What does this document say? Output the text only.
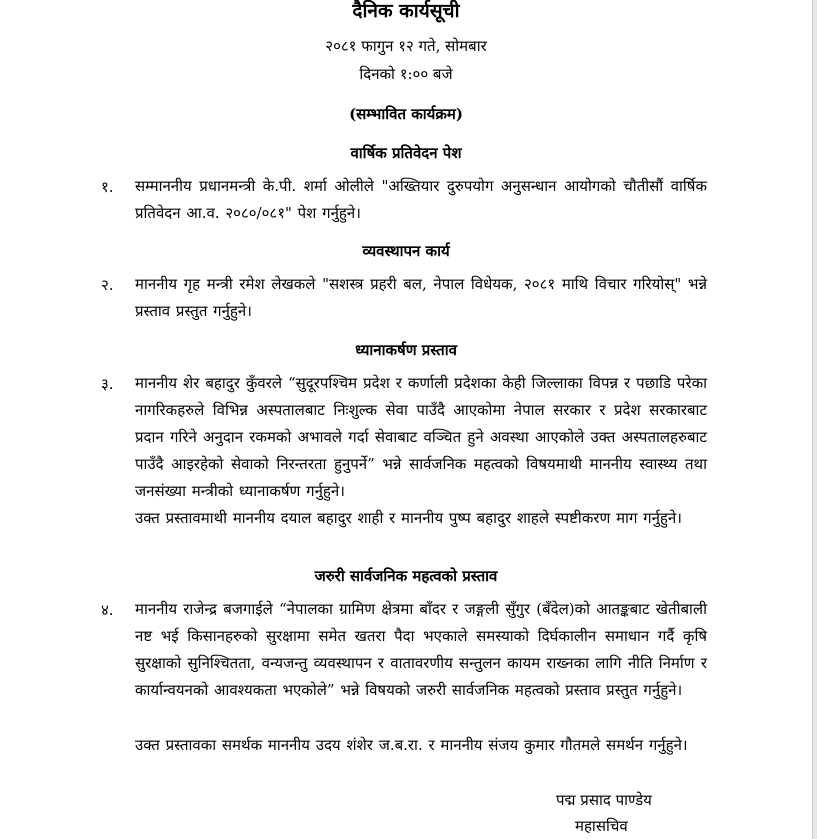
दैनिक कार्यसूची
२०८१ फागुन १२ गते, सोमबार
दिनको १:०० बजे
(सम्भावित कार्यक्रम)
वार्षिक प्रतिवेदन पेश
१. सम्माननीय प्रधानमन्त्री के.पी. शर्मा ओलीले "अख्तियार दुरुपयोग अनुसन्धान आयोगको चौतीसौं वार्षिक प्रतिवेदन आ.व. २०८०/०८१" पेश गर्नुहुने।
व्यवस्थापन कार्य
२. माननीय गृह मन्त्री रमेश लेखकले "सशस्त्र प्रहरी बल, नेपाल विधेयक, २०८१ माथि विचार गरियोस्" भन्ने प्रस्ताव प्रस्तुत गर्नुहुने।
ध्यानाकर्षण प्रस्ताव
३. माननीय शेर बहादुर कुँवरले “सुदूरपश्चिम प्रदेश र कर्णाली प्रदेशका केही जिल्लाका विपन्न र पछाडि परेका नागरिकहरुले विभिन्न अस्पतालबाट निःशुल्क सेवा पाउँदै आएकोमा नेपाल सरकार र प्रदेश सरकारबाट प्रदान गरिने अनुदान रकमको अभावले गर्दा सेवाबाट वञ्चित हुने अवस्था आएकोले उक्त अस्पतालहरुबाट पाउँदै आइरहेको सेवाको निरन्तरता हुनुपर्ने” भन्ने सार्वजनिक महत्वको विषयमाथी माननीय स्वास्थ्य तथा जनसंख्या मन्त्रीको ध्यानाकर्षण गर्नुहुने।
उक्त प्रस्तावमाथी माननीय दयाल बहादुर शाही र माननीय पुष्प बहादुर शाहले स्पष्टीकरण माग गर्नुहुने।
जरुरी सार्वजनिक महत्वको प्रस्ताव
४. माननीय राजेन्द्र बजगाईले “नेपालका ग्रामिण क्षेत्रमा बाँदर र जङ्गली सुँगुर (बँदेल)को आतङ्कबाट खेतीबाली नष्ट भई किसानहरुको सुरक्षामा समेत खतरा पैदा भएकाले समस्याको दिर्घकालीन समाधान गर्दै कृषि सुरक्षाको सुनिश्चितता, वन्यजन्तु व्यवस्थापन र वातावरणीय सन्तुलन कायम राख्नका लागि नीति निर्माण र कार्यान्वयनको आवश्यकता भएकोले” भन्ने विषयको जरुरी सार्वजनिक महत्वको प्रस्ताव प्रस्तुत गर्नुहुने।
उक्त प्रस्तावका समर्थक माननीय उदय शंशेर ज.ब.रा. र माननीय संजय कुमार गौतमले समर्थन गर्नुहुने।
पद्म प्रसाद पाण्डेय
महासचिव
